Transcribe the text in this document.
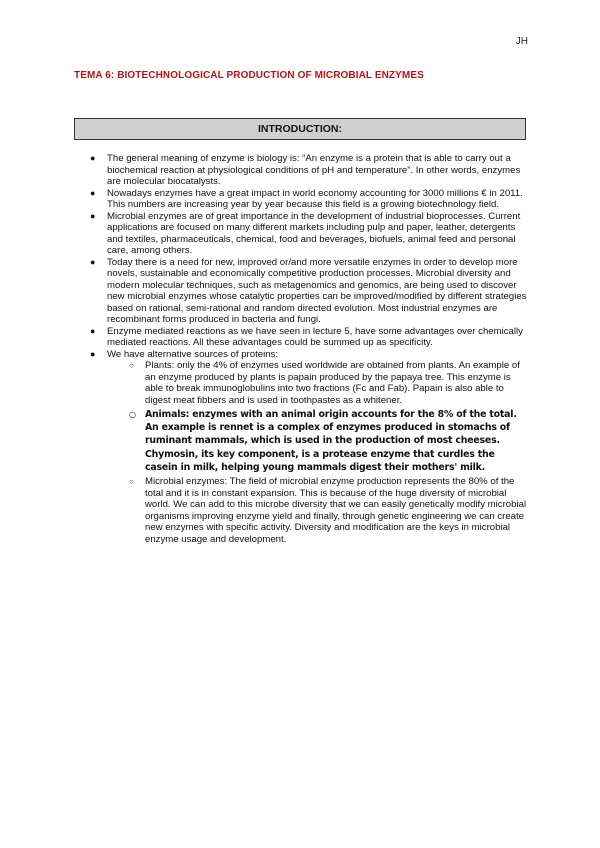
JH
TEMA 6: BIOTECHNOLOGICAL PRODUCTION OF MICROBIAL ENZYMES
INTRODUCTION:
● The general meaning of enzyme is biology is: “An enzyme is a protein that is able to carry out a biochemical reaction at physiological conditions of pH and temperature”. In other words, enzymes are molecular biocatalysts.
● Nowadays enzymes have a great impact in world economy accounting for 3000 millions € in 2011. This numbers are increasing year by year because this field is a growing biotechnology field.
● Microbial enzymes are of great importance in the development of industrial bioprocesses. Current applications are focused on many different markets including pulp and paper, leather, detergents and textiles, pharmaceuticals, chemical, food and beverages, biofuels, animal feed and personal care, among others.
● Today there is a need for new, improved or/and more versatile enzymes in order to develop more novels, sustainable and economically competitive production processes. Microbial diversity and modern molecular techniques, such as metagenomics and genomics, are being used to discover new microbial enzymes whose catalytic properties can be improved/modified by different strategies based on rational, semi-rational and random directed evolution. Most industrial enzymes are recombinant forms produced in bacteria and fungi.
● Enzyme mediated reactions as we have seen in lecture 5, have some advantages over chemically mediated reactions. All these advantages could be summed up as specificity.
● We have alternative sources of proteins:
○ Plants: only the 4% of enzymes used worldwide are obtained from plants. An example of an enzyme produced by plants is papain produced by the papaya tree. This enzyme is able to break immunoglobulins into two fractions (Fc and Fab). Papain is also able to digest meat fibbers and is used in toothpastes as a whitener.
○ Animals: enzymes with an animal origin accounts for the 8% of the total. An example is rennet is a complex of enzymes produced in stomachs of ruminant mammals, which is used in the production of most cheeses. Chymosin, its key component, is a protease enzyme that curdles the casein in milk, helping young mammals digest their mothers' milk.
○ Microbial enzymes: The field of microbial enzyme production represents the 80% of the total and it is in constant expansion. This is because of the huge diversity of microbial world. We can add to this microbe diversity that we can easily genetically modify microbial organisms improving enzyme yield and finally, through genetic engineering we can create new enzymes with specific activity. Diversity and modification are the keys in microbial enzyme usage and development.
